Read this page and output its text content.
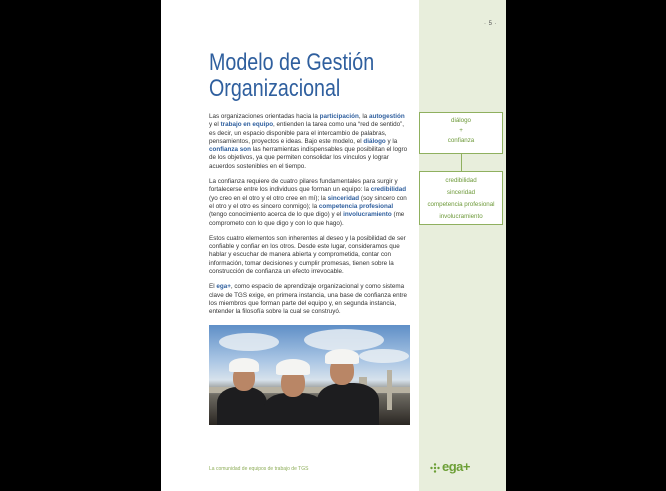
· 5 ·
Modelo de Gestión
Organizacional

Las organizaciones orientadas hacia la participación, la autogestión y el trabajo en equipo, entienden la tarea como una “red de sentido”, es decir, un espacio disponible para el intercambio de palabras, pensamientos, proyectos e ideas. Bajo este modelo, el diálogo y la confianza son las herramientas indispensables que posibilitan el logro de los objetivos, ya que permiten consolidar los vínculos y lograr acuerdos sostenibles en el tiempo.

La confianza requiere de cuatro pilares fundamentales para surgir y fortalecerse entre los individuos que forman un equipo: la credibilidad (yo creo en el otro y el otro cree en mí); la sinceridad (soy sincero con el otro y el otro es sincero conmigo); la competencia profesional (tengo conocimiento acerca de lo que digo) y el involucramiento (me comprometo con lo que digo y con lo que hago).

Estos cuatro elementos son inherentes al deseo y la posibilidad de ser confiable y confiar en los otros. Desde este lugar, consideramos que hablar y escuchar de manera abierta y comprometida, contar con información, tomar decisiones y cumplir promesas, tienen sobre la construcción de confianza un efecto irrevocable.

El ega+, como espacio de aprendizaje organizacional y como sistema clave de TGS exige, en primera instancia, una base de confianza entre los miembros que forman parte del equipo y, en segunda instancia, entender la filosofía sobre la cual se construyó.

diálogo
+
confianza
credibilidad
sinceridad
competencia profesional
involucramiento
La comunidad de equipos de trabajo de TGS	ega+
